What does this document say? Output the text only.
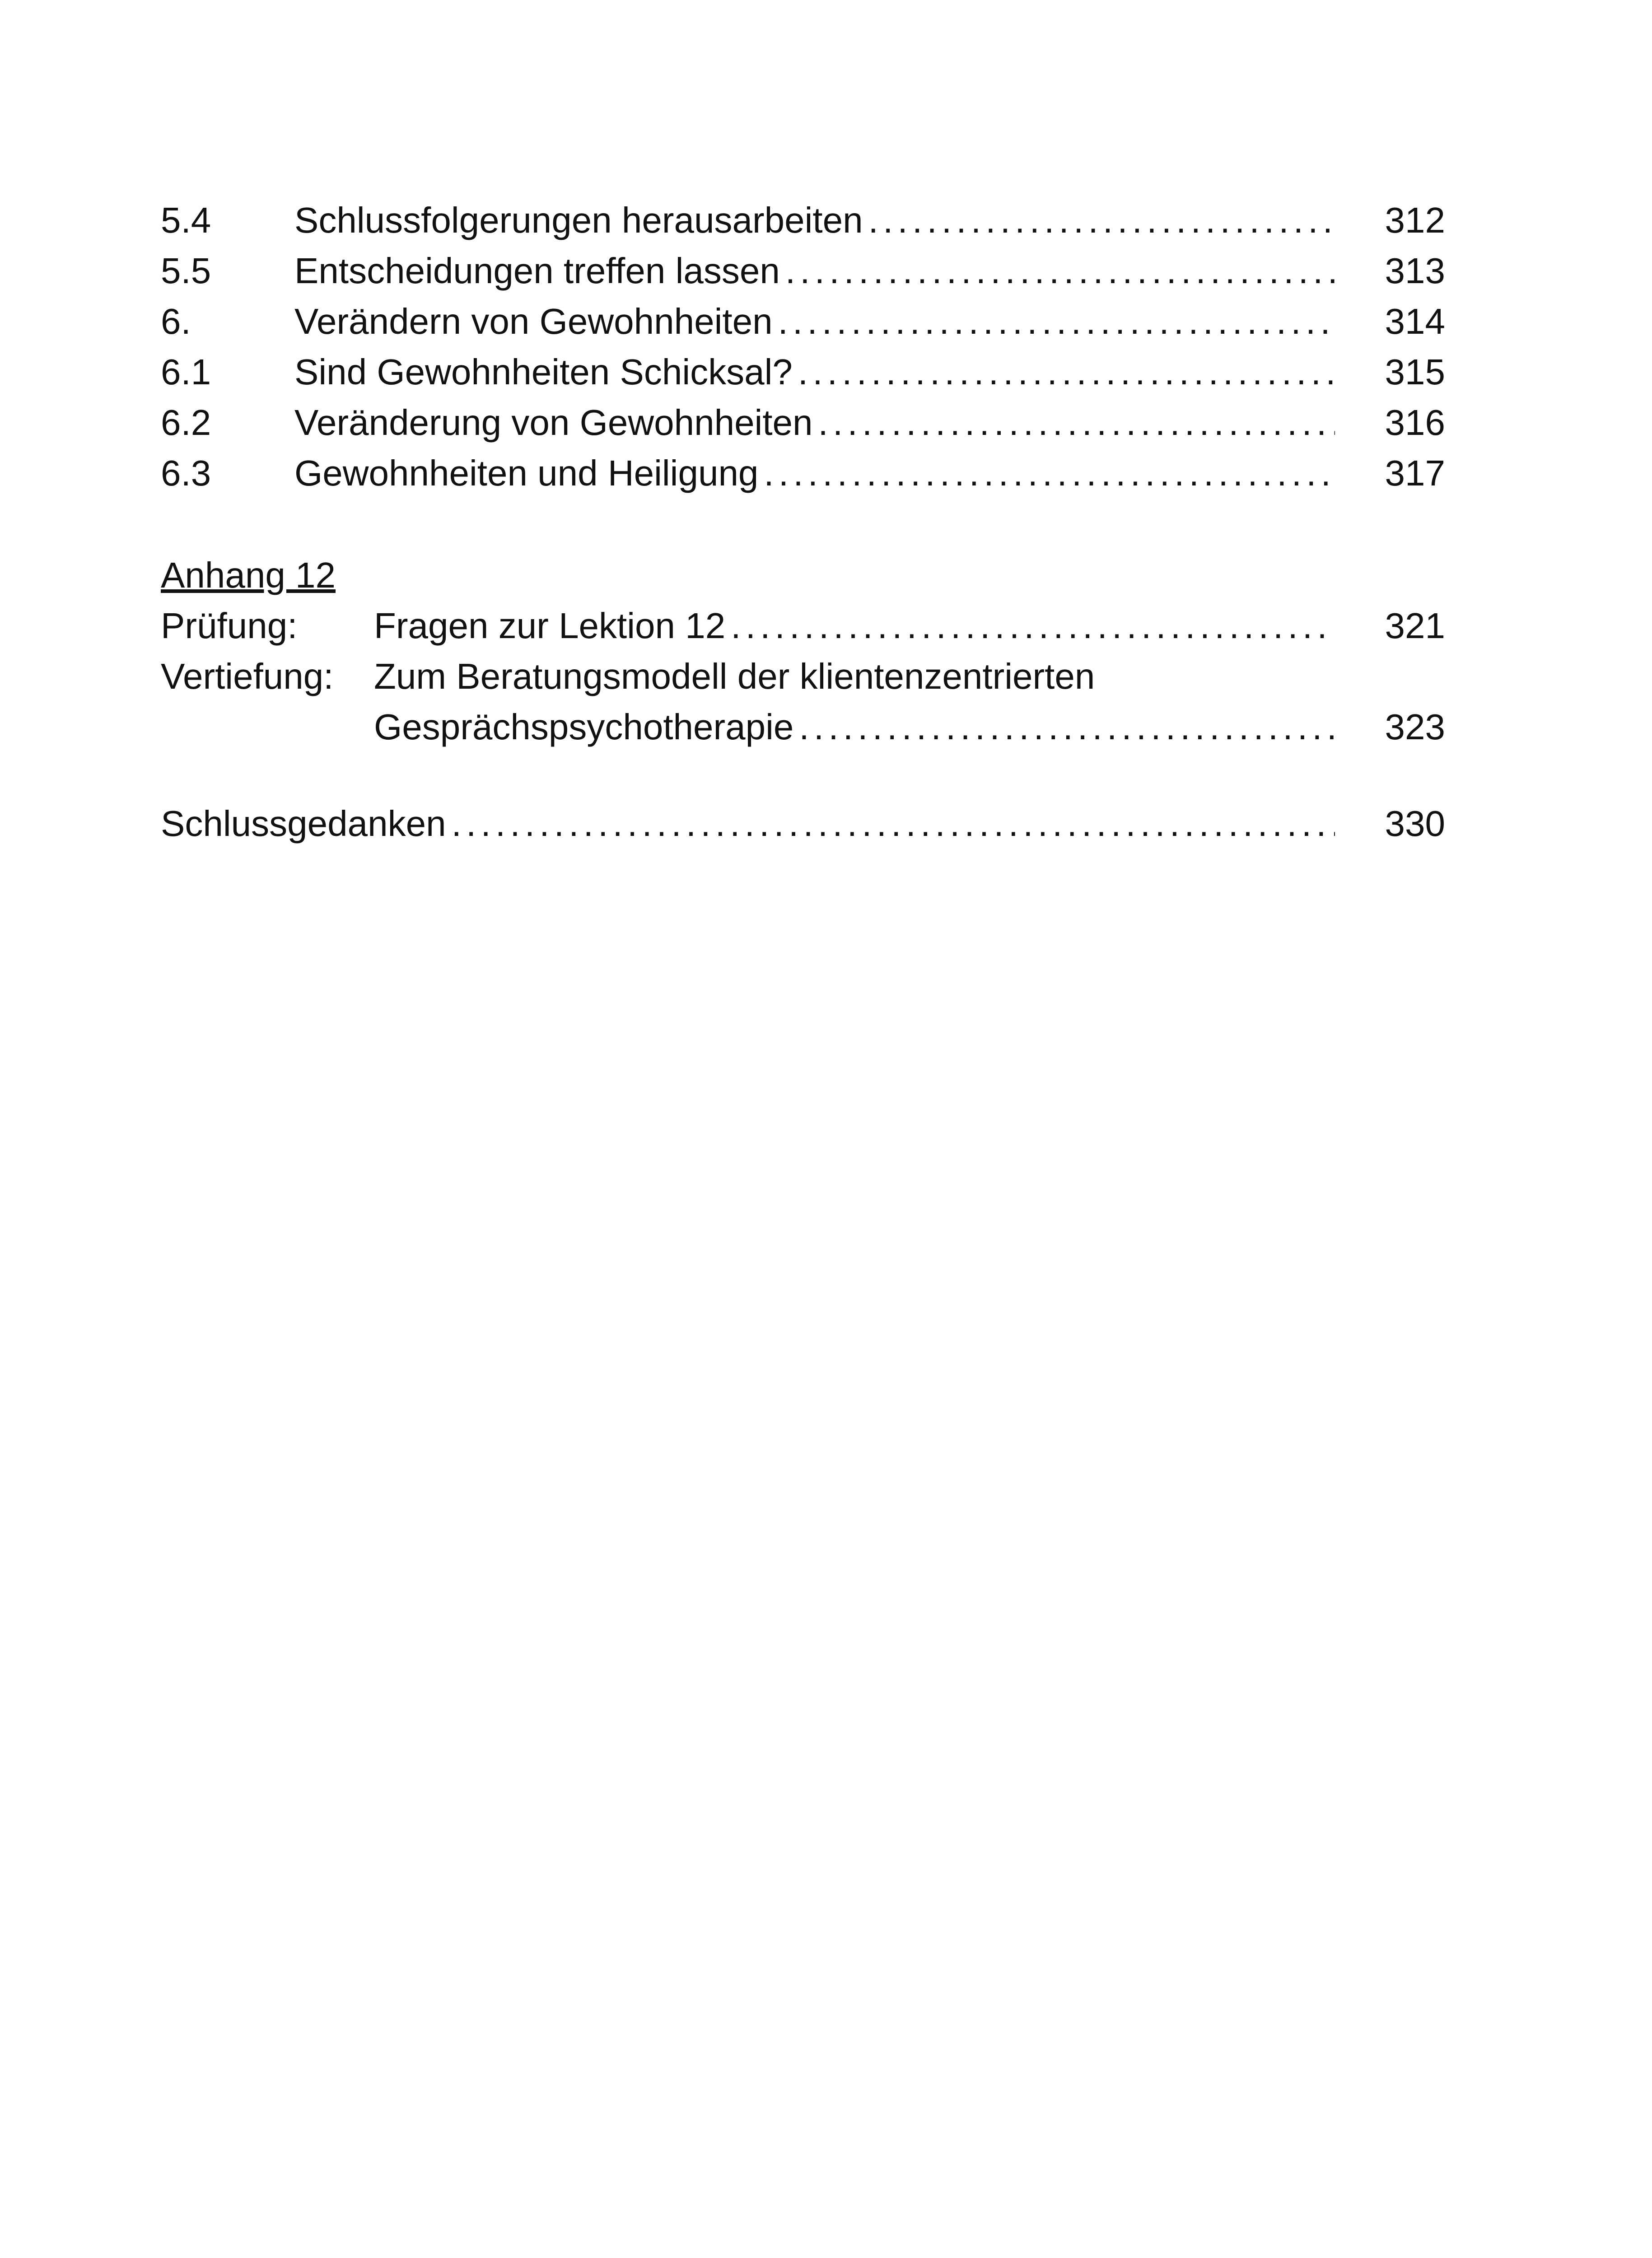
5.4 Schlussfolgerungen herausarbeiten . . .	312
5.5 Entscheidungen treffen lassen . . .	313
6.	Verändern von Gewohnheiten . . .	314
6.1 Sind Gewohnheiten Schicksal? . . .	315
6.2 Veränderung von Gewohnheiten . . .	316
6.3 Gewohnheiten und Heiligung . . .	317
Anhang 12
Prüfung: Fragen zur Lektion 12 . . .	321
Vertiefung: Zum Beratungsmodell der klientenzentrierten
Gesprächspsychotherapie . . .	323
Schlussgedanken . . .	330
